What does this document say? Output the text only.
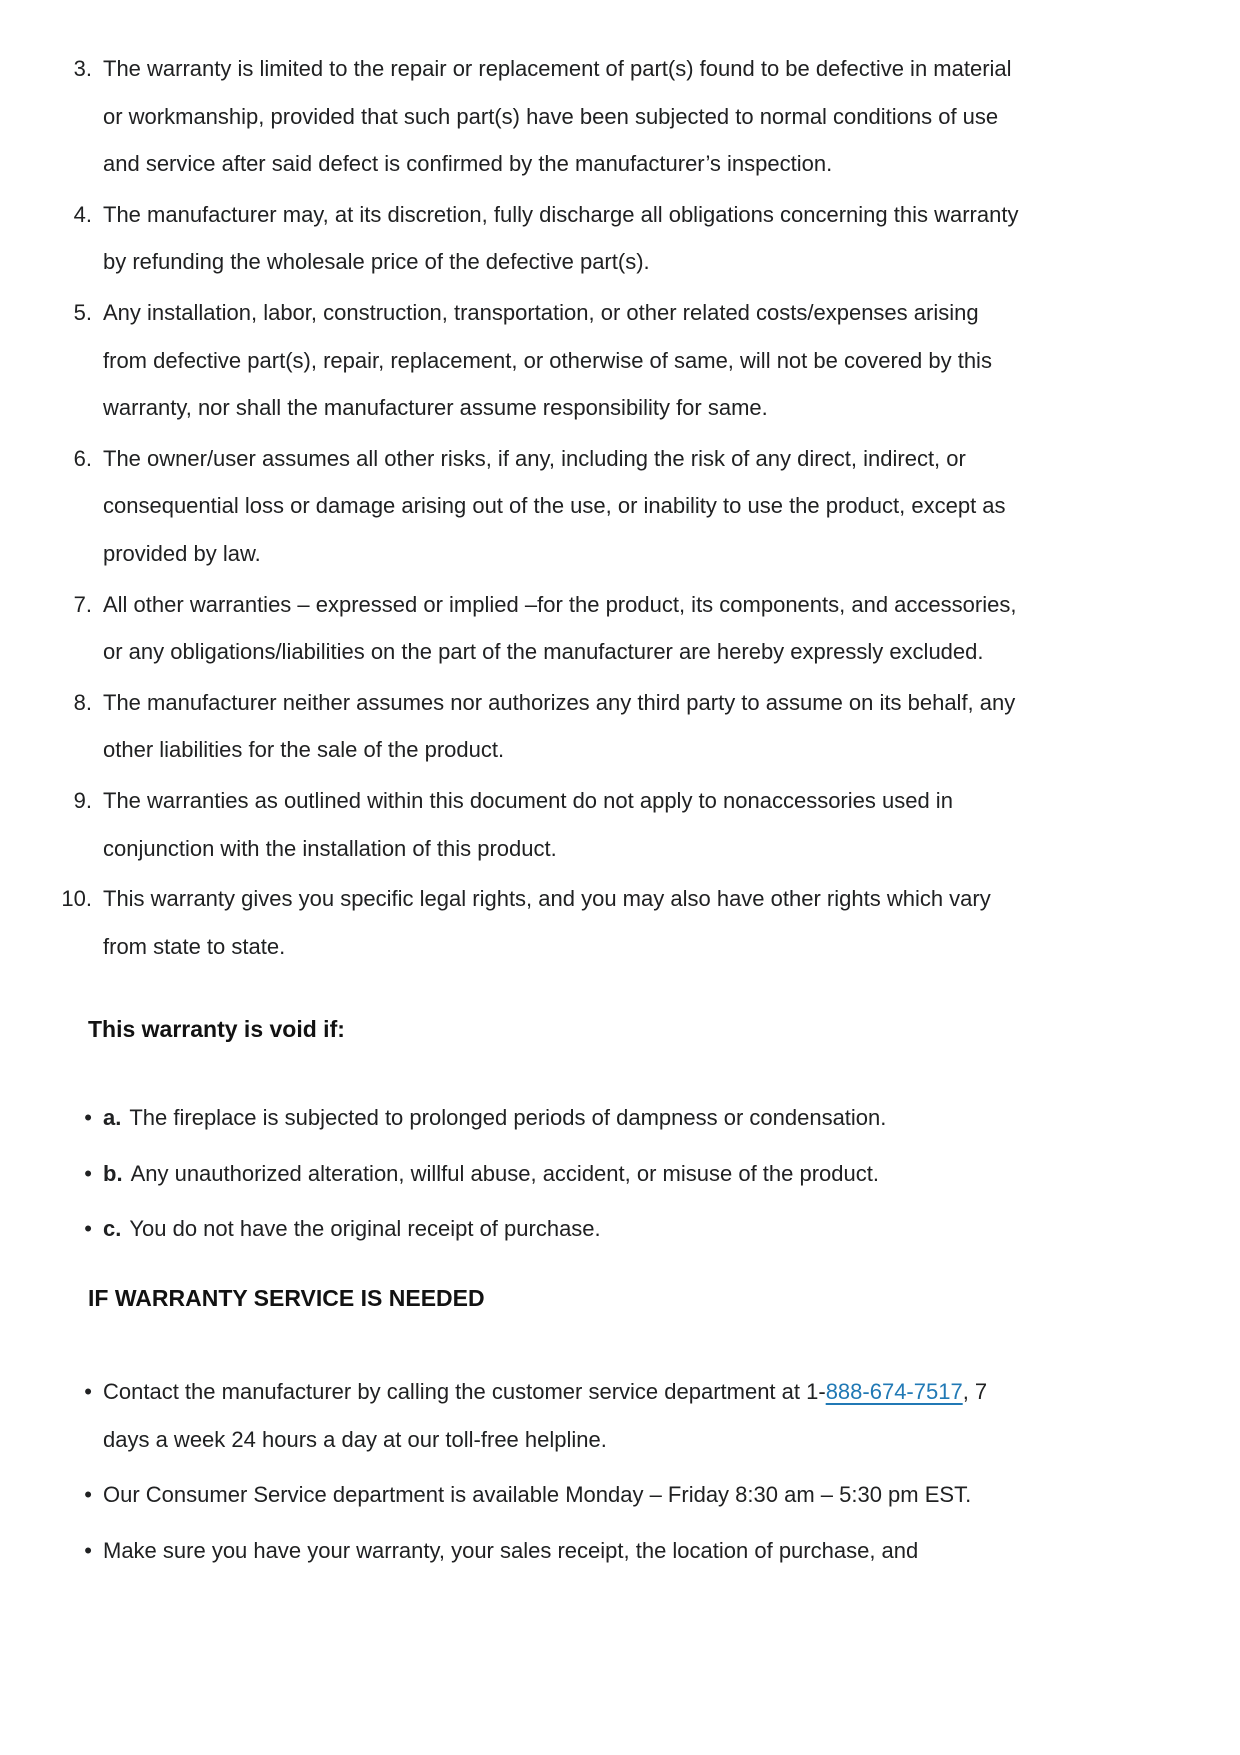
3. The warranty is limited to the repair or replacement of part(s) found to be defective in material or workmanship, provided that such part(s) have been subjected to normal conditions of use and service after said defect is confirmed by the manufacturer’s inspection.
4. The manufacturer may, at its discretion, fully discharge all obligations concerning this warranty by refunding the wholesale price of the defective part(s).
5. Any installation, labor, construction, transportation, or other related costs/expenses arising from defective part(s), repair, replacement, or otherwise of same, will not be covered by this warranty, nor shall the manufacturer assume responsibility for same.
6. The owner/user assumes all other risks, if any, including the risk of any direct, indirect, or consequential loss or damage arising out of the use, or inability to use the product, except as provided by law.
7. All other warranties – expressed or implied –for the product, its components, and accessories, or any obligations/liabilities on the part of the manufacturer are hereby expressly excluded.
8. The manufacturer neither assumes nor authorizes any third party to assume on its behalf, any other liabilities for the sale of the product.
9. The warranties as outlined within this document do not apply to nonaccessories used in conjunction with the installation of this product.
10. This warranty gives you specific legal rights, and you may also have other rights which vary from state to state.
This warranty is void if:
• a. The fireplace is subjected to prolonged periods of dampness or condensation.
• b. Any unauthorized alteration, willful abuse, accident, or misuse of the product.
• c. You do not have the original receipt of purchase.
IF WARRANTY SERVICE IS NEEDED
• Contact the manufacturer by calling the customer service department at 1-888-674-7517, 7 days a week 24 hours a day at our toll-free helpline.
• Our Consumer Service department is available Monday – Friday 8:30 am – 5:30 pm EST.
• Make sure you have your warranty, your sales receipt, the location of purchase, and
